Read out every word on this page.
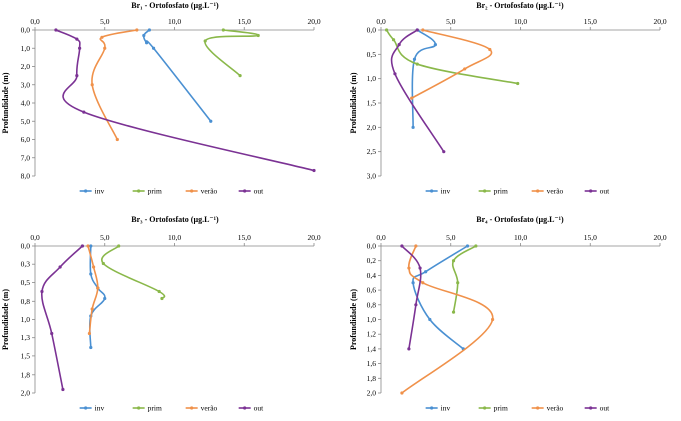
Br₁ - Ortofosfato (µg.L⁻¹)
Profundidade (m)
0,0	5,0	10,0	15,0	20,0
0,0
1,0
2,0
3,0
4,0
5,0
6,0
7,0
8,0
inv	prim	verão	out
Br₂ - Ortofosfato (µg.L⁻¹)
Profundidade (m)
0,0	5,0	10,0	15,0	20,0
0,0
0,5
1,0
1,5
2,0
2,5
3,0
inv	prim	verão	out
Br₃ - Ortofosfato (µg.L⁻¹)
Profundidade (m)
0,0	5,0	10,0	15,0	20,0
0,0
0,3
0,5
0,8
1,0
1,3
1,5
1,8
2,0
inv	prim	verão	out
Br₄ - Ortofosfato (µg.L⁻¹)
Profundidade (m)
0,0	5,0	10,0	15,0	20,0
0,0
0,2
0,4
0,6
0,8
1,0
1,2
1,4
1,6
1,8
2,0
inv	prim	verão	out
